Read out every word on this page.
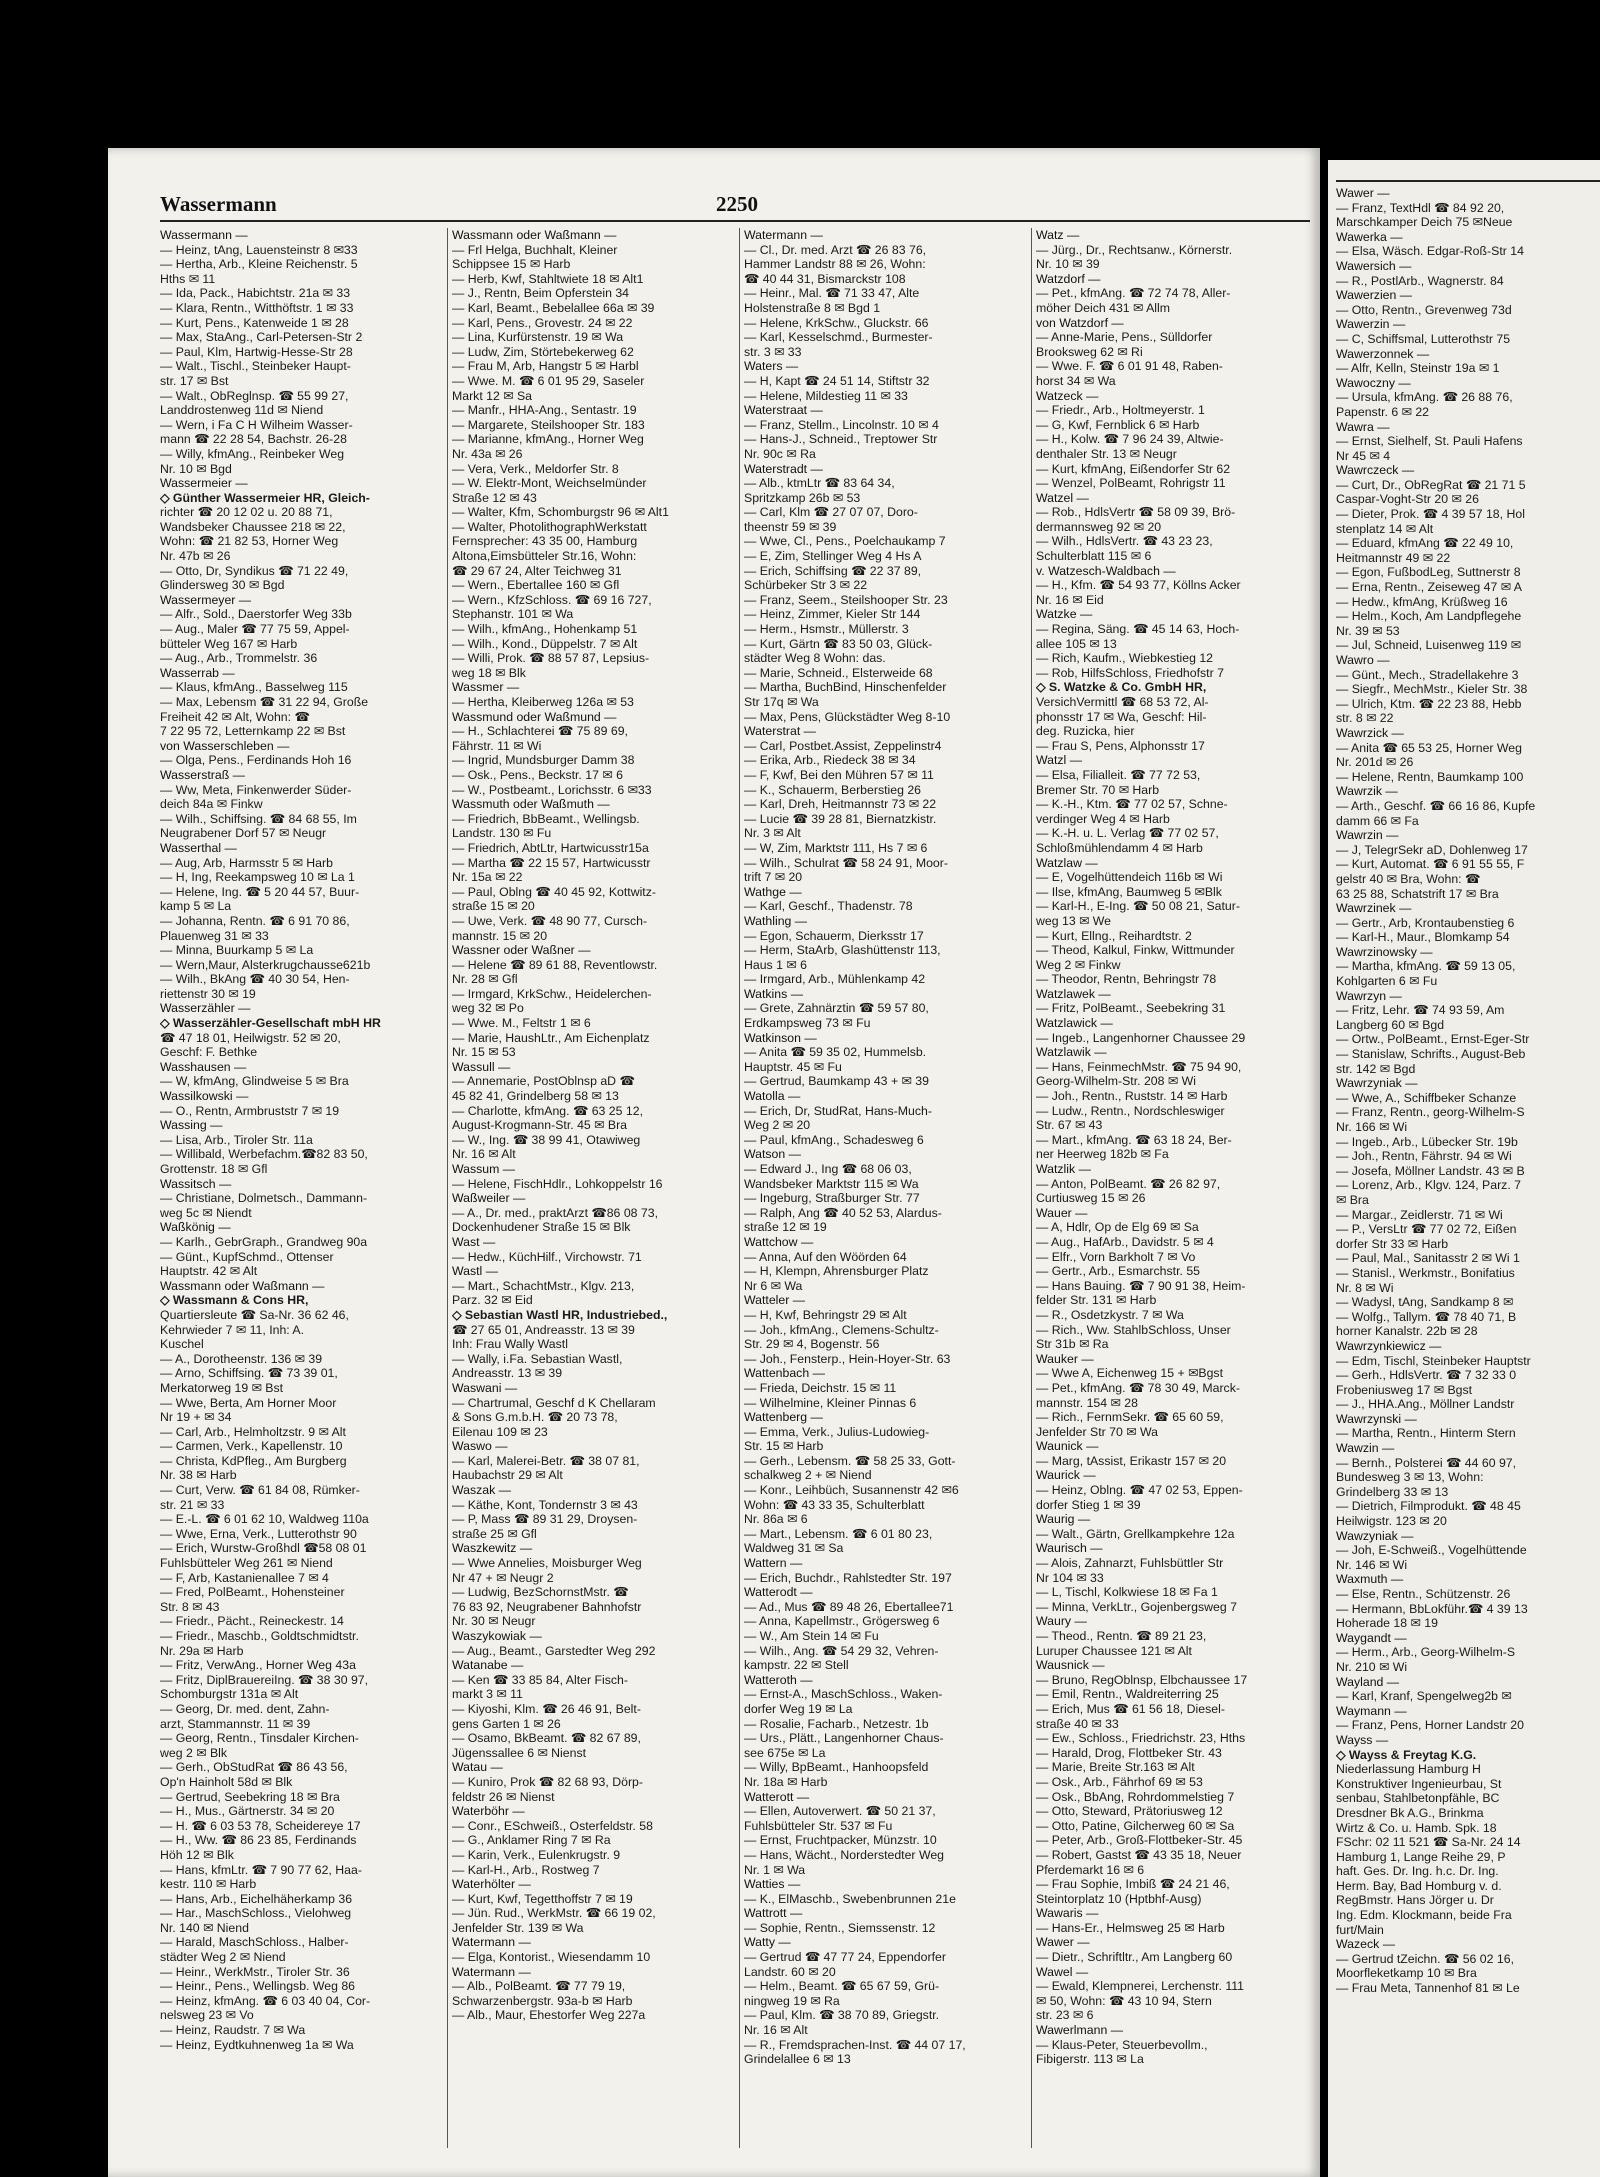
Wassermann	2250
Wassermann —
— Heinz, tAng, Lauensteinstr 8 ✉33
— Hertha, Arb., Kleine Reichenstr. 5
Hths ✉ 11
— Ida, Pack., Habichtstr. 21a ✉ 33
— Klara, Rentn., Witthöftstr. 1 ✉ 33
— Kurt, Pens., Katenweide 1 ✉ 28
— Max, StaAng., Carl-Petersen-Str 2
— Paul, Klm, Hartwig-Hesse-Str 28
— Walt., Tischl., Steinbeker Haupt-
str. 17 ✉ Bst
— Walt., ObReglnsp. ☎ 55 99 27,
Landdrostenweg 11d ✉ Niend
— Wern, i Fa C H Wilheim Wasser-
mann ☎ 22 28 54, Bachstr. 26-28
— Willy, kfmAng., Reinbeker Weg
Nr. 10 ✉ Bgd
Wassermeier —
◇ Günther Wassermeier HR, Gleich-
richter ☎ 20 12 02 u. 20 88 71,
Wandsbeker Chaussee 218 ✉ 22,
Wohn: ☎ 21 82 53, Horner Weg
Nr. 47b ✉ 26
— Otto, Dr, Syndikus ☎ 71 22 49,
Glindersweg 30 ✉ Bgd
Wassermeyer —
— Alfr., Sold., Daerstorfer Weg 33b
— Aug., Maler ☎ 77 75 59, Appel-
bütteler Weg 167 ✉ Harb
— Aug., Arb., Trommelstr. 36
Wasserrab —
— Klaus, kfmAng., Basselweg 115
— Max, Lebensm ☎ 31 22 94, Große
Freiheit 42 ✉ Alt, Wohn: ☎
7 22 95 72, Letternkamp 22 ✉ Bst
von Wasserschleben —
— Olga, Pens., Ferdinands Hoh 16
Wasserstraß —
— Ww, Meta, Finkenwerder Süder-
deich 84a ✉ Finkw
— Wilh., Schiffsing. ☎ 84 68 55, Im
Neugrabener Dorf 57 ✉ Neugr
Wasserthal —
— Aug, Arb, Harmsstr 5 ✉ Harb
— H, Ing, Reekampsweg 10 ✉ La 1
— Helene, Ing. ☎ 5 20 44 57, Buur-
kamp 5 ✉ La
— Johanna, Rentn. ☎ 6 91 70 86,
Plauenweg 31 ✉ 33
— Minna, Buurkamp 5 ✉ La
— Wern,Maur, Alsterkrugchaussе621b
— Wilh., BkAng ☎ 40 30 54, Hen-
riettenstr 30 ✉ 19
Wasserzähler —
◇ Wasserzähler-Gesellschaft mbH HR
☎ 47 18 01, Heilwigstr. 52 ✉ 20,
Geschf: F. Bethke
Wasshausen —
— W, kfmAng, Glindweise 5 ✉ Bra
Wassilkowski —
— O., Rentn, Armbruststr 7 ✉ 19
Wassing —
— Lisa, Arb., Tiroler Str. 11a
— Willibald, Werbefachm.☎82 83 50,
Grottenstr. 18 ✉ Gfl
Wassitsch —
— Christiane, Dolmetsch., Dammann-
weg 5c ✉ Niendt
Waßkönig —
— Karlh., GebrGraph., Grandweg 90a
— Günt., KupfSchmd., Ottenser
Hauptstr. 42 ✉ Alt
Wassmann oder Waßmann —
◇ Wassmann & Cons HR,
Quartiersleute ☎ Sa-Nr. 36 62 46,
Kehrwieder 7 ✉ 11, Inh: A.
Kuschel
— A., Dorotheenstr. 136 ✉ 39
— Arno, Schiffsing. ☎ 73 39 01,
Merkatorweg 19 ✉ Bst
— Wwe, Berta, Am Horner Moor
Nr 19 + ✉ 34
— Carl, Arb., Helmholtzstr. 9 ✉ Alt
— Carmen, Verk., Kapellenstr. 10
— Christa, KdPfleg., Am Burgberg
Nr. 38 ✉ Harb
— Curt, Verw. ☎ 61 84 08, Rümker-
str. 21 ✉ 33
— E.-L. ☎ 6 01 62 10, Waldweg 110a
— Wwe, Erna, Verk., Lutterothstr 90
— Erich, Wurstw-Großhdl ☎58 08 01
Fuhlsbütteler Weg 261 ✉ Niend
— F, Arb, Kastanienallee 7 ✉ 4
— Fred, PolBeamt., Hohensteiner
Str. 8 ✉ 43
— Friedr., Pächt., Reineckestr. 14
— Friedr., Maschb., Goldtschmidtstr.
Nr. 29a ✉ Harb
— Fritz, VerwAng., Horner Weg 43a
— Fritz, DiplBrauereiIng. ☎ 38 30 97,
Schomburgstr 131a ✉ Alt
— Georg, Dr. med. dent, Zahn-
arzt, Stammannstr. 11 ✉ 39
— Georg, Rentn., Tinsdaler Kirchen-
weg 2 ✉ Blk
— Gerh., ObStudRat ☎ 86 43 56,
Op'n Hainholt 58d ✉ Blk
— Gertrud, Seebekring 18 ✉ Bra
— H., Mus., Gärtnerstr. 34 ✉ 20
— H. ☎ 6 03 53 78, Scheidereye 17
— H., Ww. ☎ 86 23 85, Ferdinands
Höh 12 ✉ Blk
— Hans, kfmLtr. ☎ 7 90 77 62, Haa-
kestr. 110 ✉ Harb
— Hans, Arb., Eichelhäherkamp 36
— Har., MaschSchloss., Vielohweg
Nr. 140 ✉ Niend
— Harald, MaschSchloss., Halber-
städter Weg 2 ✉ Niend
— Heinr., WerkMstr., Tiroler Str. 36
— Heinr., Pens., Wellingsb. Weg 86
— Heinz, kfmAng. ☎ 6 03 40 04, Cor-
nelsweg 23 ✉ Vo
— Heinz, Raudstr. 7 ✉ Wa
— Heinz, Eydtkuhnenweg 1a ✉ Wa
Wassmann oder Waßmann —
— Frl Helga, Buchhalt, Kleiner
Schippsee 15 ✉ Harb
— Herb, Kwf, Stahltwiete 18 ✉ Alt1
— J., Rentn, Beim Opferstein 34
— Karl, Beamt., Bebelallee 66a ✉ 39
— Karl, Pens., Grovestr. 24 ✉ 22
— Lina, Kurfürstenstr. 19 ✉ Wa
— Ludw, Zim, Störtebekerweg 62
— Frau M, Arb, Hangstr 5 ✉ Harbl
— Wwe. M. ☎ 6 01 95 29, Saseler
Markt 12 ✉ Sa
— Manfr., HHA-Ang., Sentastr. 19
— Margarete, Steilshooper Str. 183
— Marianne, kfmAng., Horner Weg
Nr. 43a ✉ 26
— Vera, Verk., Meldorfer Str. 8
— W. Elektr-Mont, Weichselmünder
Straße 12 ✉ 43
— Walter, Kfm, Schomburgstr 96 ✉ Alt1
— Walter, PhotolithographWerkstatt
Fernsprecher: 43 35 00, Hamburg
Altona,Eimsbütteler Str.16, Wohn:
☎ 29 67 24, Alter Teichweg 31
— Wern., Ebertallee 160 ✉ Gfl
— Wern., KfzSchloss. ☎ 69 16 727,
Stephanstr. 101 ✉ Wa
— Wilh., kfmAng., Hohenkamp 51
— Wilh., Kond., Düppelstr. 7 ✉ Alt
— Willi, Prok. ☎ 88 57 87, Lepsius-
weg 18 ✉ Blk
Wassmer —
— Hertha, Kleiberweg 126a ✉ 53
Wassmund oder Waßmund —
— H., Schlachterei ☎ 75 89 69,
Fährstr. 11 ✉ Wi
— Ingrid, Mundsburger Damm 38
— Osk., Pens., Beckstr. 17 ✉ 6
— W., Postbeamt., Lorichsstr. 6 ✉33
Wassmuth oder Waßmuth —
— Friedrich, BbBeamt., Wellingsb.
Landstr. 130 ✉ Fu
— Friedrich, AbtLtr, Hartwicusstr15a
— Martha ☎ 22 15 57, Hartwicusstr
Nr. 15a ✉ 22
— Paul, Oblng ☎ 40 45 92, Kottwitz-
straße 15 ✉ 20
— Uwe, Verk. ☎ 48 90 77, Cursch-
mannstr. 15 ✉ 20
Wassner oder Waßner —
— Helene ☎ 89 61 88, Reventlowstr.
Nr. 28 ✉ Gfl
— Irmgard, KrkSchw., Heidelerchen-
weg 32 ✉ Po
— Wwe. M., Feltstr 1 ✉ 6
— Marie, HaushLtr., Am Eichenplatz
Nr. 15 ✉ 53
Wassull —
— Annemarie, PostOblnsp aD ☎
45 82 41, Grindelberg 58 ✉ 13
— Charlotte, kfmAng. ☎ 63 25 12,
August-Krogmann-Str. 45 ✉ Bra
— W., Ing. ☎ 38 99 41, Otawiweg
Nr. 16 ✉ Alt
Wassum —
— Helene, FischHdlr., Lohkoppelstr 16
Waßweiler —
— A., Dr. med., praktArzt ☎86 08 73,
Dockenhudener Straße 15 ✉ Blk
Wast —
— Hedw., KüchHilf., Virchowstr. 71
Wastl —
— Mart., SchachtMstr., Klgv. 213,
Parz. 32 ✉ Eid
◇ Sebastian Wastl HR, Industriebed.,
☎ 27 65 01, Andreasstr. 13 ✉ 39
Inh: Frau Wally Wastl
— Wally, i.Fa. Sebastian Wastl,
Andreasstr. 13 ✉ 39
Waswani —
— Chartrumal, Geschf d K Chellaram
& Sons G.m.b.H. ☎ 20 73 78,
Eilenau 109 ✉ 23
Waswo —
— Karl, Malerei-Betr. ☎ 38 07 81,
Haubachstr 29 ✉ Alt
Waszak —
— Käthe, Kont, Tondernstr 3 ✉ 43
— P, Mass ☎ 89 31 29, Droysen-
straße 25 ✉ Gfl
Waszkewitz —
— Wwe Annelies, Moisburger Weg
Nr 47 + ✉ Neugr 2
— Ludwig, BezSchornstMstr. ☎
76 83 92, Neugrabener Bahnhofstr
Nr. 30 ✉ Neugr
Waszykowiak —
— Aug., Beamt., Garstedter Weg 292
Watanabe —
— Ken ☎ 33 85 84, Alter Fisch-
markt 3 ✉ 11
— Kiyoshi, Klm. ☎ 26 46 91, Belt-
gens Garten 1 ✉ 26
— Osamo, BkBeamt. ☎ 82 67 89,
Jügenssallee 6 ✉ Nienst
Watau —
— Kuniro, Prok ☎ 82 68 93, Dörp-
feldstr 26 ✉ Nienst
Waterböhr —
— Conr., ESchweiß., Osterfeldstr. 58
— G., Anklamer Ring 7 ✉ Ra
— Karin, Verk., Eulenkrugstr. 9
— Karl-H., Arb., Rostweg 7
Waterhölter —
— Kurt, Kwf, Tegetthoffstr 7 ✉ 19
— Jün. Rud., WerkMstr. ☎ 66 19 02,
Jenfelder Str. 139 ✉ Wa
Watermann —
— Elga, Kontorist., Wiesendamm 10
Watermann —
— Alb., PolBeamt. ☎ 77 79 19,
Schwarzenbergstr. 93a-b ✉ Harb
— Alb., Maur, Ehestorfer Weg 227a
Watermann —
— Cl., Dr. med. Arzt ☎ 26 83 76,
Hammer Landstr 88 ✉ 26, Wohn:
☎ 40 44 31, Bismarckstr 108
— Heinr., Mal. ☎ 71 33 47, Alte
Holstenstraße 8 ✉ Bgd 1
— Helene, KrkSchw., Gluckstr. 66
— Karl, Kesselschmd., Burmester-
str. 3 ✉ 33
Waters —
— H, Kapt ☎ 24 51 14, Stiftstr 32
— Helene, Mildestieg 11 ✉ 33
Waterstraat —
— Franz, Stellm., Lincolnstr. 10 ✉ 4
— Hans-J., Schneid., Treptower Str
Nr. 90c ✉ Ra
Waterstradt —
— Alb., ktmLtr ☎ 83 64 34,
Spritzkamp 26b ✉ 53
— Carl, Klm ☎ 27 07 07, Doro-
theenstr 59 ✉ 39
— Wwe, Cl., Pens., Poelchaukamp 7
— E, Zim, Stellinger Weg 4 Hs A
— Erich, Schiffsing ☎ 22 37 89,
Schürbeker Str 3 ✉ 22
— Franz, Seem., Steilshooper Str. 23
— Heinz, Zimmer, Kieler Str 144
— Herm., Hsmstr., Müllerstr. 3
— Kurt, Gärtn ☎ 83 50 03, Glück-
städter Weg 8 Wohn: das.
— Marie, Schneid., Elsterweide 68
— Martha, BuchBind, Hinschenfelder
Str 17q ✉ Wa
— Max, Pens, Glückstädter Weg 8-10
Waterstrat —
— Carl, Postbet.Assist, Zeppelinstr4
— Erika, Arb., Riedeck 38 ✉ 34
— F, Kwf, Bei den Mühren 57 ✉ 11
— K., Schauerm, Berberstieg 26
— Karl, Dreh, Heitmannstr 73 ✉ 22
— Lucie ☎ 39 28 81, Biernatzkistr.
Nr. 3 ✉ Alt
— W, Zim, Marktstr 111, Hs 7 ✉ 6
— Wilh., Schulrat ☎ 58 24 91, Moor-
trift 7 ✉ 20
Wathge —
— Karl, Geschf., Thadenstr. 78
Wathling —
— Egon, Schauerm, Dierksstr 17
— Herm, StaArb, Glashüttenstr 113,
Haus 1 ✉ 6
— Irmgard, Arb., Mühlenkamp 42
Watkins —
— Grete, Zahnärztin ☎ 59 57 80,
Erdkampsweg 73 ✉ Fu
Watkinson —
— Anita ☎ 59 35 02, Hummelsb.
Hauptstr. 45 ✉ Fu
— Gertrud, Baumkamp 43 + ✉ 39
Watolla —
— Erich, Dr, StudRat, Hans-Much-
Weg 2 ✉ 20
— Paul, kfmAng., Schadesweg 6
Watson —
— Edward J., Ing ☎ 68 06 03,
Wandsbeker Marktstr 115 ✉ Wa
— Ingeburg, Straßburger Str. 77
— Ralph, Ang ☎ 40 52 53, Alardus-
straße 12 ✉ 19
Wattchow —
— Anna, Auf den Wöörden 64
— H, Klempn, Ahrensburger Platz
Nr 6 ✉ Wa
Watteler —
— H, Kwf, Behringstr 29 ✉ Alt
— Joh., kfmAng., Clemens-Schultz-
Str. 29 ✉ 4, Bogenstr. 56
— Joh., Fensterp., Hein-Hoyer-Str. 63
Wattenbach —
— Frieda, Deichstr. 15 ✉ 11
— Wilhelmine, Kleiner Pinnas 6
Wattenberg —
— Emma, Verk., Julius-Ludowieg-
Str. 15 ✉ Harb
— Gerh., Lebensm. ☎ 58 25 33, Gott-
schalkweg 2 + ✉ Niend
— Konr., Leihbüch, Susannenstr 42 ✉6
Wohn: ☎ 43 33 35, Schulterblatt
Nr. 86a ✉ 6
— Mart., Lebensm. ☎ 6 01 80 23,
Waldweg 31 ✉ Sa
Wattern —
— Erich, Buchdr., Rahlstedter Str. 197
Watterodt —
— Ad., Mus ☎ 89 48 26, Ebertallee71
— Anna, Kapellmstr., Grögersweg 6
— W., Am Stein 14 ✉ Fu
— Wilh., Ang. ☎ 54 29 32, Vehren-
kampstr. 22 ✉ Stell
Watteroth —
— Ernst-A., MaschSchloss., Waken-
dorfer Weg 19 ✉ La
— Rosalie, Facharb., Netzestr. 1b
— Urs., Plätt., Langenhorner Chaus-
see 675e ✉ La
— Willy, BpBeamt., Hanhoopsfeld
Nr. 18a ✉ Harb
Watterott —
— Ellen, Autoverwert. ☎ 50 21 37,
Fuhlsbütteler Str. 537 ✉ Fu
— Ernst, Fruchtpacker, Münzstr. 10
— Hans, Wächt., Norderstedter Weg
Nr. 1 ✉ Wa
Watties —
— K., ElMaschb., Swebenbrunnen 21e
Wattrott —
— Sophie, Rentn., Siemssenstr. 12
Watty —
— Gertrud ☎ 47 77 24, Eppendorfer
Landstr. 60 ✉ 20
— Helm., Beamt. ☎ 65 67 59, Grü-
ningweg 19 ✉ Ra
— Paul, Klm. ☎ 38 70 89, Griegstr.
Nr. 16 ✉ Alt
— R., Fremdsprachen-Inst. ☎ 44 07 17,
Grindelallee 6 ✉ 13
Watz —
— Jürg., Dr., Rechtsanw., Körnerstr.
Nr. 10 ✉ 39
Watzdorf —
— Pet., kfmAng. ☎ 72 74 78, Aller-
möher Deich 431 ✉ Allm
von Watzdorf —
— Anne-Marie, Pens., Sülldorfer
Brooksweg 62 ✉ Ri
— Wwe. F. ☎ 6 01 91 48, Raben-
horst 34 ✉ Wa
Watzeck —
— Friedr., Arb., Holtmeyerstr. 1
— G, Kwf, Fernblick 6 ✉ Harb
— H., Kolw. ☎ 7 96 24 39, Altwie-
denthaler Str. 13 ✉ Neugr
— Kurt, kfmAng, Eißendorfer Str 62
— Wenzel, PolBeamt, Rohrigstr 11
Watzel —
— Rob., HdlsVertr ☎ 58 09 39, Brö-
dermannsweg 92 ✉ 20
— Wilh., HdlsVertr. ☎ 43 23 23,
Schulterblatt 115 ✉ 6
v. Watzesch-Waldbach —
— H., Kfm. ☎ 54 93 77, Köllns Acker
Nr. 16 ✉ Eid
Watzke —
— Regina, Säng. ☎ 45 14 63, Hoch-
allee 105 ✉ 13
— Rich, Kaufm., Wiebkestieg 12
— Rob, HilfsSchloss, Friedhofstr 7
◇ S. Watzke & Co. GmbH HR,
VersichVermittl ☎ 68 53 72, Al-
phonsstr 17 ✉ Wa, Geschf: Hil-
deg. Ruzicka, hier
— Frau S, Pens, Alphonsstr 17
Watzl —
— Elsa, Filialleit. ☎ 77 72 53,
Bremer Str. 70 ✉ Harb
— K.-H., Ktm. ☎ 77 02 57, Schne-
verdinger Weg 4 ✉ Harb
— K.-H. u. L. Verlag ☎ 77 02 57,
Schloßmühlendamm 4 ✉ Harb
Watzlaw —
— E, Vogelhüttendeich 116b ✉ Wi
— Ilse, kfmAng, Baumweg 5 ✉Blk
— Karl-H., E-Ing. ☎ 50 08 21, Satur-
weg 13 ✉ We
— Kurt, Ellng., Reihardtstr. 2
— Theod, Kalkul, Finkw, Wittmunder
Weg 2 ✉ Finkw
— Theodor, Rentn, Behringstr 78
Watzlawek —
— Fritz, PolBeamt., Seebekring 31
Watzlawick —
— Ingeb., Langenhorner Chaussee 29
Watzlawik —
— Hans, FeinmechMstr. ☎ 75 94 90,
Georg-Wilhelm-Str. 208 ✉ Wi
— Joh., Rentn., Ruststr. 14 ✉ Harb
— Ludw., Rentn., Nordschleswiger
Str. 67 ✉ 43
— Mart., kfmAng. ☎ 63 18 24, Ber-
ner Heerweg 182b ✉ Fa
Watzlik —
— Anton, PolBeamt. ☎ 26 82 97,
Curtiusweg 15 ✉ 26
Wauer —
— A, Hdlr, Op de Elg 69 ✉ Sa
— Aug., HafArb., Davidstr. 5 ✉ 4
— Elfr., Vorn Barkholt 7 ✉ Vo
— Gertr., Arb., Esmarchstr. 55
— Hans Bauing. ☎ 7 90 91 38, Heim-
felder Str. 131 ✉ Harb
— R., Osdetzkystr. 7 ✉ Wa
— Rich., Ww. StahlbSchloss, Unser
Str 31b ✉ Ra
Wauker —
— Wwe A, Eichenweg 15 + ✉Bgst
— Pet., kfmAng. ☎ 78 30 49, Marck-
mannstr. 154 ✉ 28
— Rich., FernmSekr. ☎ 65 60 59,
Jenfelder Str 70 ✉ Wa
Waunick —
— Marg, tAssist, Erikastr 157 ✉ 20
Waurick —
— Heinz, Oblng. ☎ 47 02 53, Eppen-
dorfer Stieg 1 ✉ 39
Waurig —
— Walt., Gärtn, Grellkampkehre 12a
Waurisch —
— Alois, Zahnarzt, Fuhlsbüttler Str
Nr 104 ✉ 33
— L, Tischl, Kolkwiese 18 ✉ Fa 1
— Minna, VerkLtr., Gojenbergsweg 7
Waury —
— Theod., Rentn. ☎ 89 21 23,
Luruper Chaussee 121 ✉ Alt
Wausnick —
— Bruno, RegOblnsp, Elbchaussee 17
— Emil, Rentn., Waldreiterring 25
— Erich, Mus ☎ 61 56 18, Diesel-
straße 40 ✉ 33
— Ew., Schloss., Friedrichstr. 23, Hths
— Harald, Drog, Flottbeker Str. 43
— Marie, Breite Str.163 ✉ Alt
— Osk., Arb., Fährhof 69 ✉ 53
— Osk., BbAng, Rohrdommelstieg 7
— Otto, Steward, Prätoriusweg 12
— Otto, Patine, Gilcherweg 60 ✉ Sa
— Peter, Arb., Groß-Flottbeker-Str. 45
— Robert, Gastst ☎ 43 35 18, Neuer
Pferdemarkt 16 ✉ 6
— Frau Sophie, Imbiß ☎ 24 21 46,
Steintorplatz 10 (Hptbhf-Ausg)
Wawaris —
— Hans-Er., Helmsweg 25 ✉ Harb
Wawer —
— Dietr., Schriftltr., Am Langberg 60
Wawel —
— Ewald, Klempnerei, Lerchenstr. 111
✉ 50, Wohn: ☎ 43 10 94, Stern
str. 23 ✉ 6
Wawerlmann —
— Klaus-Peter, Steuerbevollm.,
Fibigerstr. 113 ✉ La
Wawer —
— Franz, TextHdl ☎ 84 92 20,
Marschkamper Deich 75 ✉Neue
Wawerka —
— Elsa, Wäsch. Edgar-Roß-Str 14
Wawersich —
— R., PostlArb., Wagnerstr. 84
Wawerzien —
— Otto, Rentn., Grevenweg 73d
Wawerzin —
— C, Schiffsmal, Lutterothstr 75
Wawerzonnek —
— Alfr, Kelln, Steinstr 19a ✉ 1
Wawoczny —
— Ursula, kfmAng. ☎ 26 88 76,
Papenstr. 6 ✉ 22
Wawra —
— Ernst, Sielhelf, St. Pauli Hafens
Nr 45 ✉ 4
Wawrczeck —
— Curt, Dr., ObRegRat ☎ 21 71 5
Caspar-Voght-Str 20 ✉ 26
— Dieter, Prok. ☎ 4 39 57 18, Hol
stenplatz 14 ✉ Alt
— Eduard, kfmAng ☎ 22 49 10,
Heitmannstr 49 ✉ 22
— Egon, FußbodLeg, Suttnerstr 8
— Erna, Rentn., Zeiseweg 47 ✉ A
— Hedw., kfmAng, Krüßweg 16
— Helm., Koch, Am Landpflegehe
Nr. 39 ✉ 53
— Jul, Schneid, Luisenweg 119 ✉
Wawro —
— Günt., Mech., Stradellakehre 3
— Siegfr., MechMstr., Kieler Str. 38
— Ulrich, Ktm. ☎ 22 23 88, Hebb
str. 8 ✉ 22
Wawrzick —
— Anita ☎ 65 53 25, Horner Weg
Nr. 201d ✉ 26
— Helene, Rentn, Baumkamp 100
Wawrzik —
— Arth., Geschf. ☎ 66 16 86, Kupfe
damm 66 ✉ Fa
Wawrzin —
— J, TelegrSekr aD, Dohlenweg 17
— Kurt, Automat. ☎ 6 91 55 55, F
gelstr 40 ✉ Bra, Wohn: ☎
63 25 88, Schatstrift 17 ✉ Bra
Wawrzinek —
— Gertr., Arb, Krontaubenstieg 6
— Karl-H., Maur., Blomkamp 54
Wawrzinowsky —
— Martha, kfmAng. ☎ 59 13 05,
Kohlgarten 6 ✉ Fu
Wawrzyn —
— Fritz, Lehr. ☎ 74 93 59, Am
Langberg 60 ✉ Bgd
— Ortw., PolBeamt., Ernst-Eger-Str
— Stanislaw, Schrifts., August-Beb
str. 142 ✉ Bgd
Wawrzyniak —
— Wwe, A., Schiffbeker Schanze
— Franz, Rentn., georg-Wilhelm-S
Nr. 166 ✉ Wi
— Ingeb., Arb., Lübecker Str. 19b
— Joh., Rentn, Fährstr. 94 ✉ Wi
— Josefa, Möllner Landstr. 43 ✉ B
— Lorenz, Arb., Klgv. 124, Parz. 7
✉ Bra
— Margar., Zeidlerstr. 71 ✉ Wi
— P., VersLtr ☎ 77 02 72, Eißen
dorfer Str 33 ✉ Harb
— Paul, Mal., Sanitasstr 2 ✉ Wi 1
— Stanisl., Werkmstr., Bonifatius
Nr. 8 ✉ Wi
— Wadysl, tAng, Sandkamp 8 ✉
— Wolfg., Tallym. ☎ 78 40 71, B
horner Kanalstr. 22b ✉ 28
Wawrzynkiewicz —
— Edm, Tischl, Steinbeker Hauptstr
— Gerh., HdlsVertr. ☎ 7 32 33 0
Frobeniusweg 17 ✉ Bgst
— J., HHA.Ang., Möllner Landstr
Wawrzynski —
— Martha, Rentn., Hinterm Stern
Wawzin —
— Bernh., Polsterei ☎ 44 60 97,
Bundesweg 3 ✉ 13, Wohn:
Grindelberg 33 ✉ 13
— Dietrich, Filmprodukt. ☎ 48 45
Heilwigstr. 123 ✉ 20
Wawzyniak —
— Joh, E-Schweiß., Vogelhüttende
Nr. 146 ✉ Wi
Waxmuth —
— Else, Rentn., Schützenstr. 26
— Hermann, BbLokführ.☎ 4 39 13
Hoherade 18 ✉ 19
Waygandt —
— Herm., Arb., Georg-Wilhelm-S
Nr. 210 ✉ Wi
Wayland —
— Karl, Kranf, Spengelweg2b ✉
Waymann —
— Franz, Pens, Horner Landstr 20
Wayss —
◇ Wayss & Freytag K.G.
Niederlassung Hamburg H
Konstruktiver Ingenieurbau, St
senbau, Stahlbetonpfähle, BC
Dresdner Bk A.G., Brinkma
Wirtz & Co. u. Hamb. Spk. 18
FSchr: 02 11 521 ☎ Sa-Nr. 24 14
Hamburg 1, Lange Reihe 29, P
haft. Ges. Dr. Ing. h.c. Dr. Ing.
Herm. Bay, Bad Homburg v. d.
RegBmstr. Hans Jörger u. Dr
Ing. Edm. Klockmann, beide Fra
furt/Main
Wazeck —
— Gertrud tZeichn. ☎ 56 02 16,
Moorfleketkamp 10 ✉ Bra
— Frau Meta, Tannenhof 81 ✉ Le
